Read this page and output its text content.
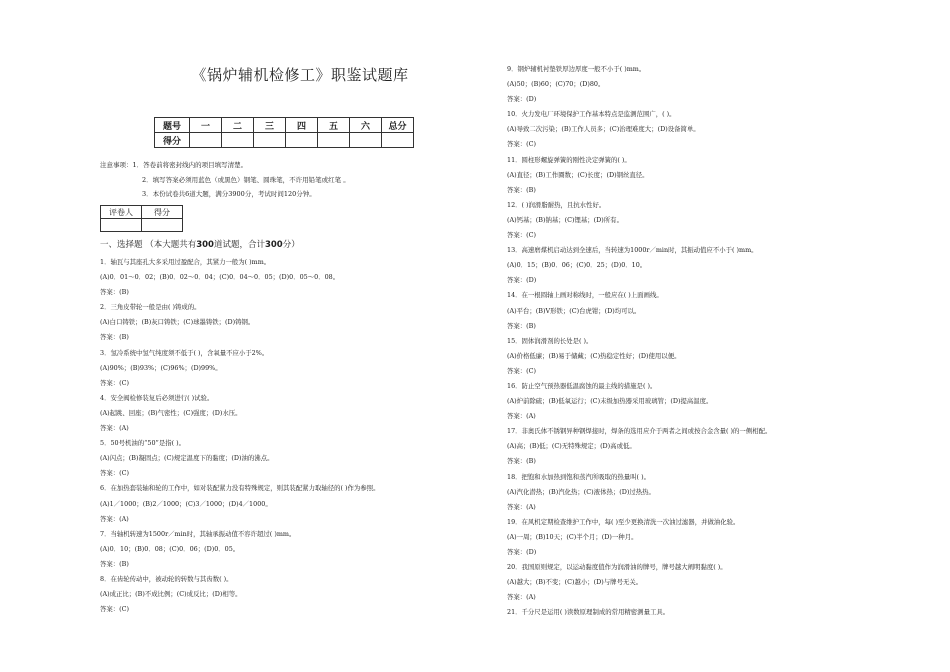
《锅炉辅机检修工》职鉴试题库
题号	一	二	三	四	五	六	总分
得分							
注意事项：1．答卷前将密封线内的项目填写清楚。
2．填写答案必须用蓝色（或黑色）钢笔、圆珠笔，不许用铅笔或红笔 。
3．本份试卷共6道大题，满分3900分，考试时间120分钟。
评卷人	得分

一、选择题 （本大题共有300道试题，合计300分）
1．轴瓦与其座孔大多采用过盈配合，其紧力一般为( )mm。
(A)0．01～0．02；(B)0．02～0．04；(C)0．04～0．05；(D)0．05～0．08。
答案：(B)
2．三角皮带轮一般是由( )铸成的。
(A)白口铸铁；(B)灰口铸铁；(C)球墨铸铁；(D)铸钢。
答案：(B)
3．氢冷系统中氢气纯度须不低于( )，含氧量不应小于2%。
(A)90%；(B)93%；(C)96%；(D)99%。
答案：(C)
4．安全阀检修装复后必须进行( )试验。
(A)起跳、回座；(B)气密性；(C)强度；(D)水压。
答案：(A)
5．50号机油的“50”是指( )。
(A)闪点；(B)凝固点；(C)规定温度下的黏度；(D)油的沸点。
答案：(C)
6．在加热套装轴和轮的工作中，如对装配紧力没有特殊规定，则其装配紧力取轴径的( )作为参照。
(A)1／1000；(B)2／1000；(C)3／1000；(D)4／1000。
答案：(A)
7．当轴机转速为1500r／min时，其轴承振动值不容许超过( )mm。
(A)0．10；(B)0．08；(C)0．06；(D)0．05。
答案：(B)
8．在齿轮传动中，被动轮的转数与其齿数( )。
(A)成正比；(B)不成比例；(C)成反比；(D)相等。
答案：(C)
9．钢炉辅机衬垫铁厚边厚度一般不小于( )mm。
(A)50；(B)60；(C)70；(D)80。
答案：(D)
10．火力发电厂环境保护工作基本特点是监测范围广，( )。
(A)导致二次污染；(B)工作人员多；(C)治理难度大；(D)设备简单。
答案：(C)
11．圆柱形螺旋弹簧的刚性决定弹簧的( )。
(A)直径；(B)工作圈数；(C)长度；(D)钢丝直径。
答案：(B)
12．( )润滑脂耐热，且抗水性好。
(A)钙基；(B)钠基；(C)锂基；(D)所有。
答案：(C)
13．高速磨煤机启动达到全速后，当转速为1000r／min时，其振动值应不小于( )mm。
(A)0．15；(B)0．06；(C)0．25；(D)0．10。
答案：(D)
14．在一根圆轴上画对称线时，一般应在( )上面画线。
(A)平台；(B)V形铁；(C)台虎钳；(D)均可以。
答案：(B)
15．固体润滑剂的长处是( )。
(A)价格低廉；(B)易于储藏；(C)热稳定性好；(D)使用以便。
答案：(C)
16．防止空气预热器低温腐蚀的最主线的措施是( )。
(A)炉前除硫；(B)低氧运行；(C)末级加热器采用玻璃管；(D)提高温度。
答案：(A)
17．非奥氏体不锈钢异种钢焊接时，焊条的选用应介于两者之间或按合金含量( )的一侧相配。
(A)高；(B)低；(C)无特殊规定；(D)高或低。
答案：(B)
18．把饱和水加热到饱和蒸汽所吸取的热量叫( )。
(A)汽化潜热；(B)汽化热；(C)液体热；(D)过热热。
答案：(A)
19．在风机定期检查维护工作中，每( )至少更换清洗一次油过滤器，并做油化验。
(A)一周；(B)10天；(C)半个月；(D)一种月。
答案：(D)
20．我国原则规定，以运动黏度值作为润滑油的牌号，牌号越大阐明黏度( )。
(A)越大；(B)不变；(C)越小；(D)与牌号无关。
答案：(A)
21．千分尺是运用( )读数原理制成的常用精密测量工具。
